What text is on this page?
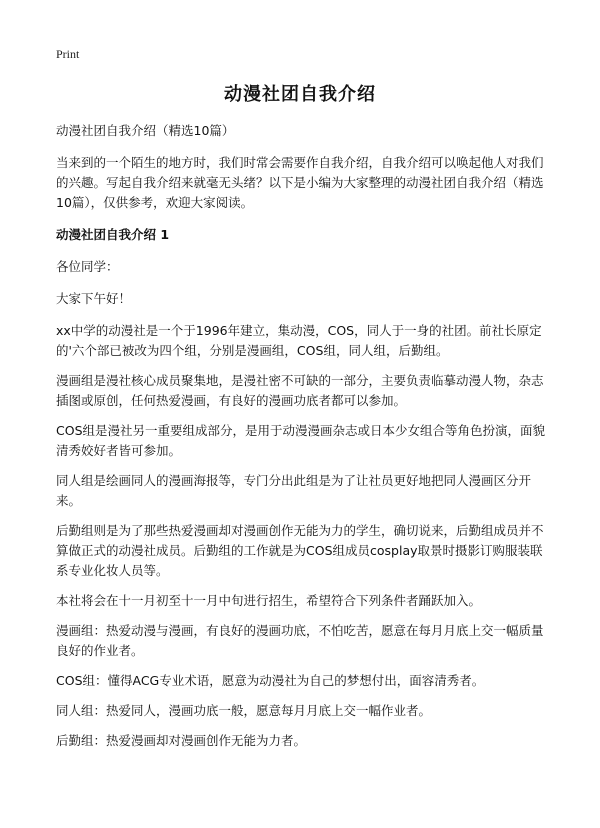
Print
动漫社团自我介绍

动漫社团自我介绍（精选10篇）

当来到的一个陌生的地方时，我们时常会需要作自我介绍，自我介绍可以唤起他人对我们的兴趣。写起自我介绍来就毫无头绪？以下是小编为大家整理的动漫社团自我介绍（精选10篇），仅供参考，欢迎大家阅读。

动漫社团自我介绍 1

各位同学：

大家下午好！

xx中学的动漫社是一个于1996年建立，集动漫，COS，同人于一身的社团。前社长原定的'六个部已被改为四个组，分别是漫画组，COS组，同人组，后勤组。

漫画组是漫社核心成员聚集地，是漫社密不可缺的一部分，主要负责临摹动漫人物，杂志插图或原创，任何热爱漫画，有良好的漫画功底者都可以参加。

COS组是漫社另一重要组成部分，是用于动漫漫画杂志或日本少女组合等角色扮演，面貌清秀姣好者皆可参加。

同人组是绘画同人的漫画海报等，专门分出此组是为了让社员更好地把同人漫画区分开来。

后勤组则是为了那些热爱漫画却对漫画创作无能为力的学生，确切说来，后勤组成员并不算做正式的动漫社成员。后勤组的工作就是为COS组成员cosplay取景时摄影订购服装联系专业化妆人员等。

本社将会在十一月初至十一月中旬进行招生，希望符合下列条件者踊跃加入。

漫画组：热爱动漫与漫画，有良好的漫画功底，不怕吃苦，愿意在每月月底上交一幅质量良好的作业者。

COS组：懂得ACG专业术语，愿意为动漫社为自己的梦想付出，面容清秀者。

同人组：热爱同人，漫画功底一般，愿意每月月底上交一幅作业者。

后勤组：热爱漫画却对漫画创作无能为力者。
